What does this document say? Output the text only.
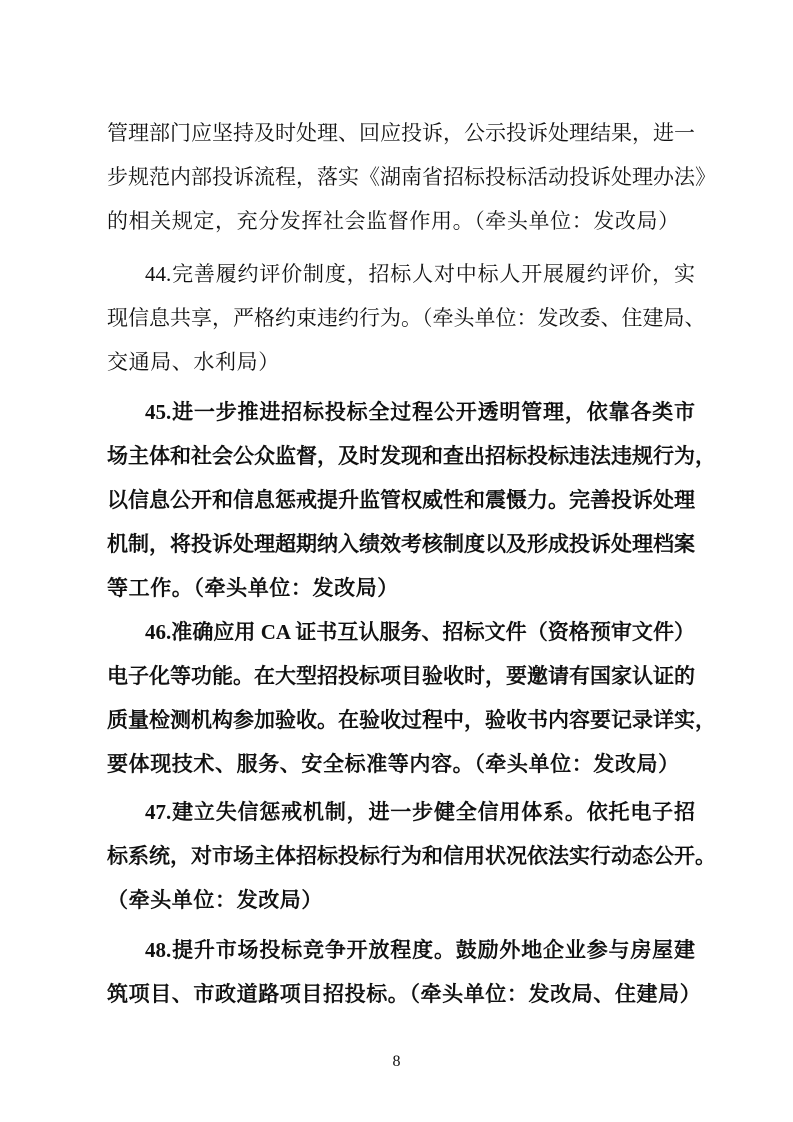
管理部门应坚持及时处理、回应投诉，公示投诉处理结果，进一
步规范内部投诉流程，落实《湖南省招标投标活动投诉处理办法》
的相关规定，充分发挥社会监督作用。（牵头单位：发改局）
44.完善履约评价制度，招标人对中标人开展履约评价，实
现信息共享，严格约束违约行为。（牵头单位：发改委、住建局、
交通局、水利局）
45.进一步推进招标投标全过程公开透明管理，依靠各类市
场主体和社会公众监督，及时发现和查出招标投标违法违规行为，
以信息公开和信息惩戒提升监管权威性和震慑力。完善投诉处理
机制，将投诉处理超期纳入绩效考核制度以及形成投诉处理档案
等工作。（牵头单位：发改局）
46.准确应用 CA 证书互认服务、招标文件（资格预审文件）
电子化等功能。在大型招投标项目验收时，要邀请有国家认证的
质量检测机构参加验收。在验收过程中，验收书内容要记录详实，
要体现技术、服务、安全标准等内容。（牵头单位：发改局）
47.建立失信惩戒机制，进一步健全信用体系。依托电子招
标系统，对市场主体招标投标行为和信用状况依法实行动态公开。
（牵头单位：发改局）
48.提升市场投标竞争开放程度。鼓励外地企业参与房屋建
筑项目、市政道路项目招投标。（牵头单位：发改局、住建局）
8
